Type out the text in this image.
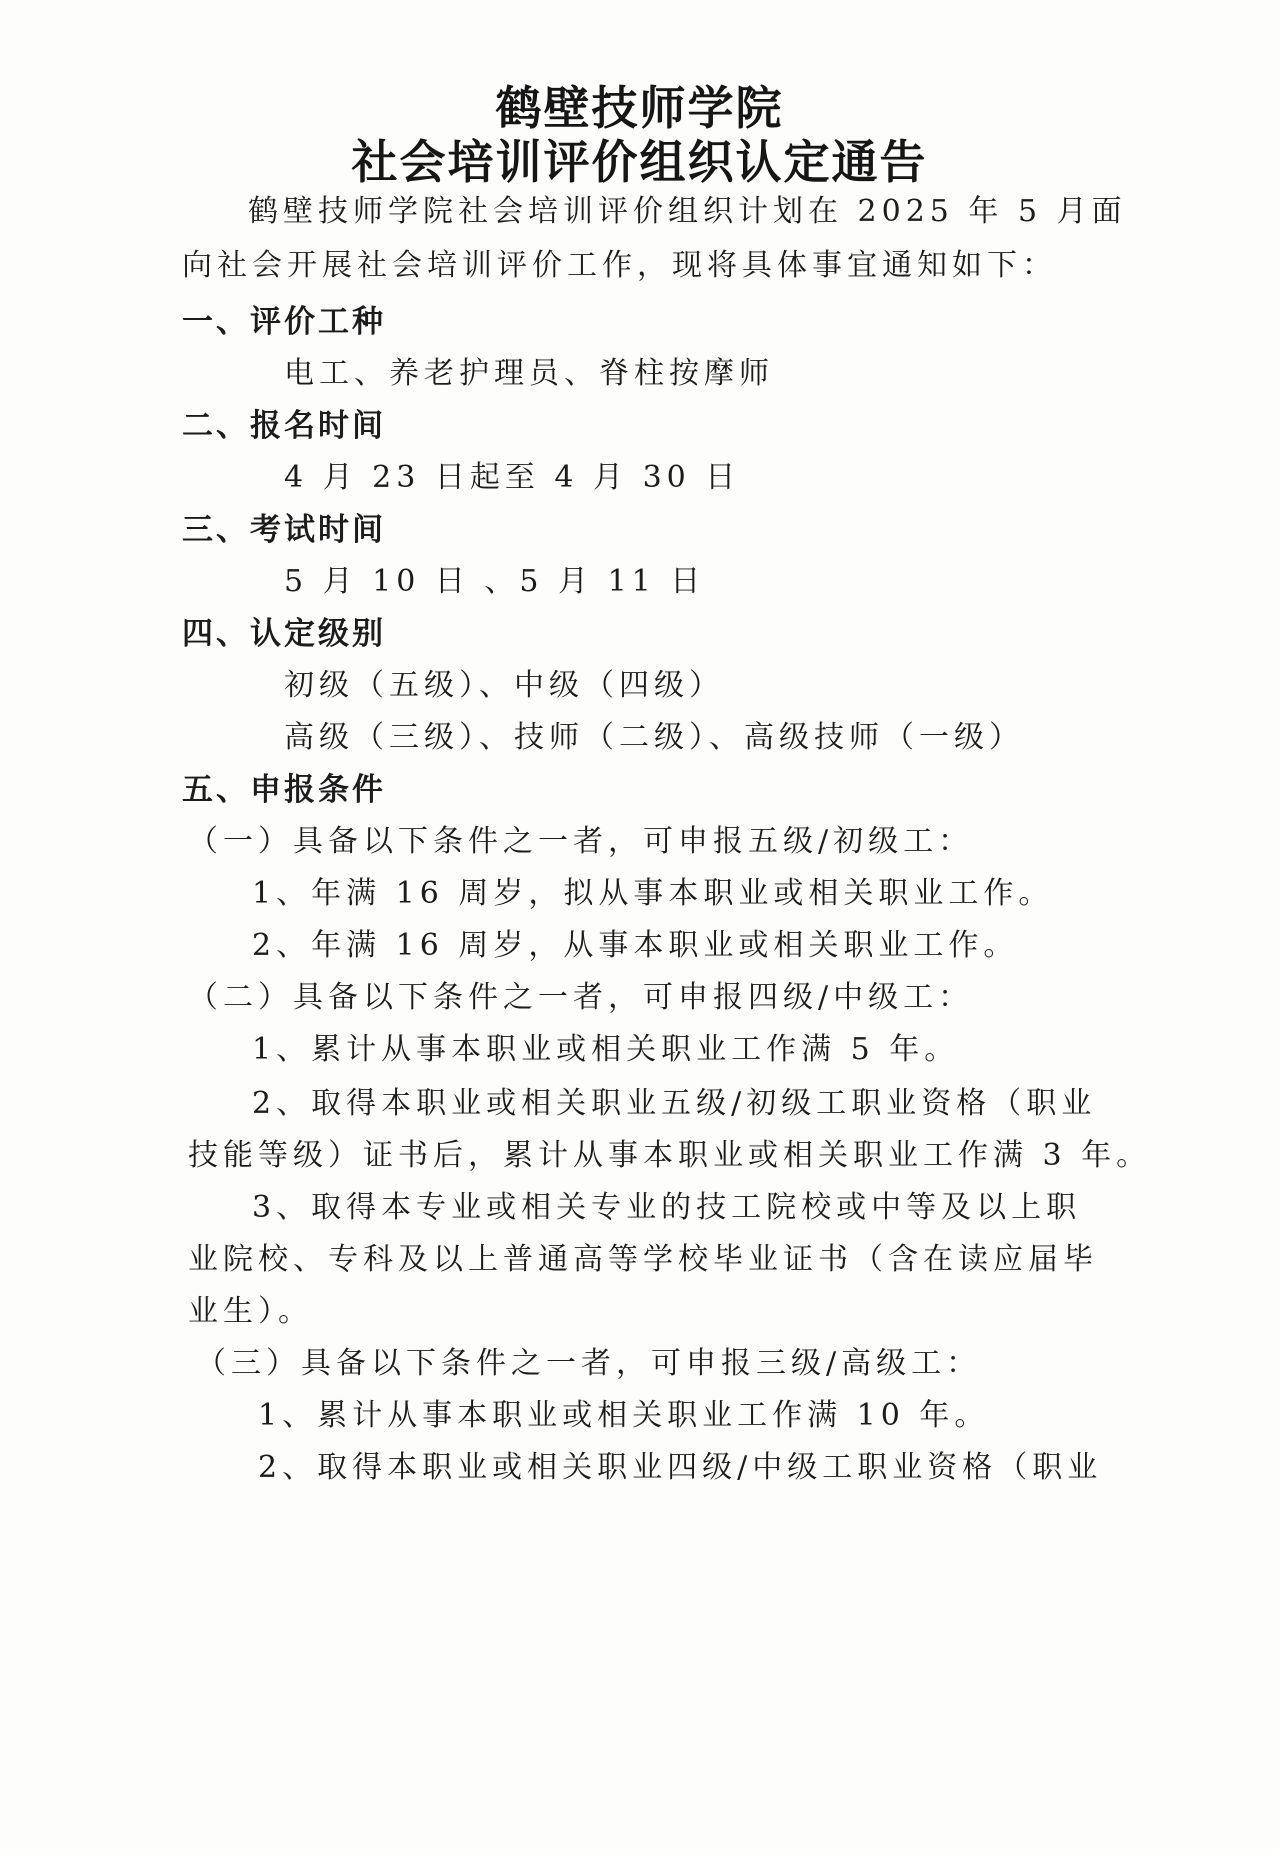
鹤壁技师学院
社会培训评价组织认定通告

鹤壁技师学院社会培训评价组织计划在 2025 年 5 月面

向社会开展社会培训评价工作，现将具体事宜通知如下：

一、评价工种

电工、养老护理员、脊柱按摩师

二、报名时间

4 月 23 日起至 4 月 30 日

三、考试时间

5 月 10 日 、5 月 11 日

四、认定级别

初级（五级）、中级（四级）

高级（三级）、技师（二级）、高级技师（一级）

五、申报条件

（一）具备以下条件之一者，可申报五级/初级工：

1、年满 16 周岁，拟从事本职业或相关职业工作。

2、年满 16 周岁，从事本职业或相关职业工作。

（二）具备以下条件之一者，可申报四级/中级工：

1、累计从事本职业或相关职业工作满 5 年。

2、取得本职业或相关职业五级/初级工职业资格（职业

技能等级）证书后，累计从事本职业或相关职业工作满 3 年。

3、取得本专业或相关专业的技工院校或中等及以上职

业院校、专科及以上普通高等学校毕业证书（含在读应届毕

业生）。

（三）具备以下条件之一者，可申报三级/高级工：

1、累计从事本职业或相关职业工作满 10 年。

2、取得本职业或相关职业四级/中级工职业资格（职业
